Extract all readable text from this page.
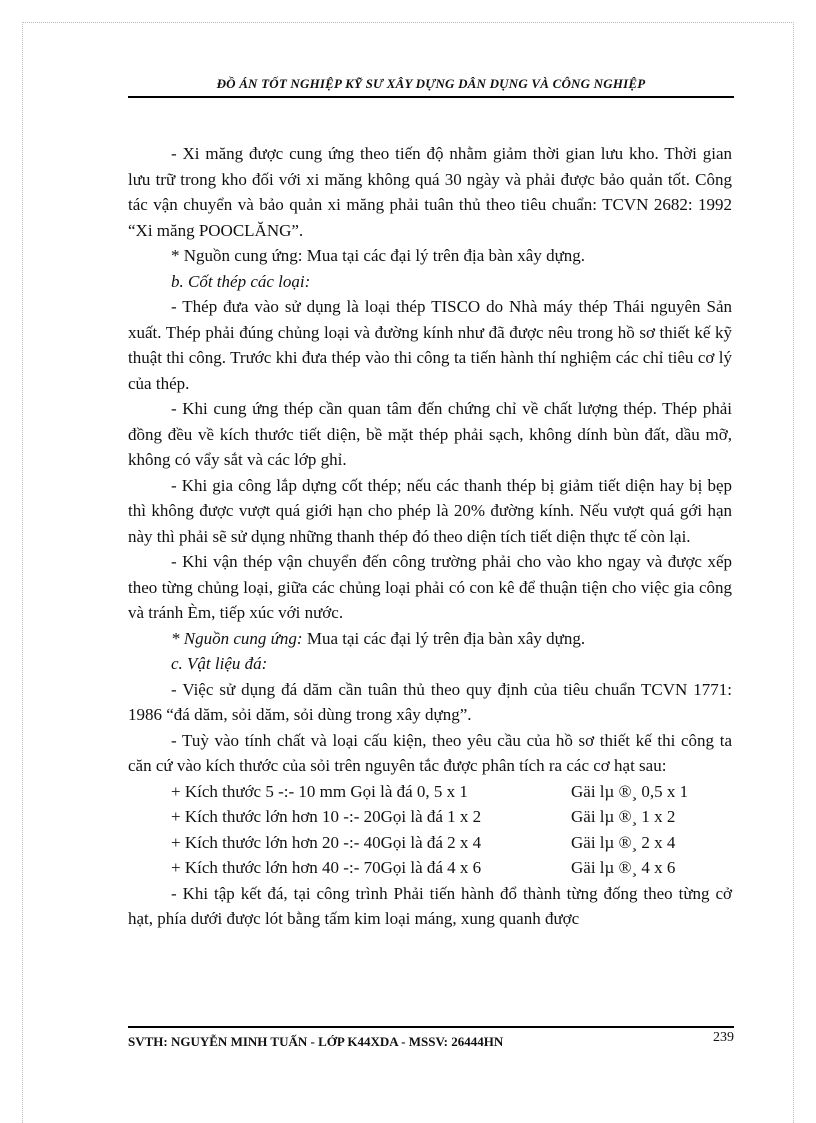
ĐỒ ÁN TỐT NGHIỆP KỸ SƯ XÂY DỰNG DÂN DỤNG VÀ CÔNG NGHIỆP

- Xi măng được cung ứng theo tiến độ nhằm giảm thời gian lưu kho. Thời gian lưu trữ trong kho đối với xi măng không quá 30 ngày và phải được bảo quản tốt. Công tác vận chuyển và bảo quản xi măng phải tuân thủ theo tiêu chuẩn: TCVN 2682: 1992 “Xi măng POOCLĂNG”.

* Nguồn cung ứng: Mua tại các đại lý trên địa bàn xây dựng.

b. Cốt thép các loại:

- Thép đưa vào sử dụng là loại thép TISCO do Nhà máy thép Thái nguyên Sản xuất. Thép phải đúng chủng loại và đường kính như đã được nêu trong hồ sơ thiết kế kỹ thuật thi công. Trước khi đưa thép vào thi công ta tiến hành thí nghiệm các chỉ tiêu cơ lý của thép.

- Khi cung ứng thép cần quan tâm đến chứng chỉ về chất lượng thép. Thép phải đồng đều về kích thước tiết diện, bề mặt thép phải sạch, không dính bùn đất, dầu mỡ, không có vẩy sắt và các lớp ghỉ.

- Khi gia công lắp dựng cốt thép; nếu các thanh thép bị giảm tiết diện hay bị bẹp thì không được vượt quá giới hạn cho phép là 20% đường kính. Nếu vượt quá gới hạn này thì phải sẽ sử dụng những thanh thép đó theo diện tích tiết diện thực tế còn lại.

- Khi vận thép vận chuyển đến công trường phải cho vào kho ngay và được xếp theo từng chủng loại, giữa các chủng loại phải có con kê để thuận tiện cho việc gia công và tránh Èm, tiếp xúc với nước.

* Nguồn cung ứng: Mua tại các đại lý trên địa bàn xây dựng.

c. Vật liệu đá:

- Việc sử dụng đá dăm cần tuân thủ theo quy định của tiêu chuẩn TCVN 1771: 1986 “đá dăm, sỏi dăm, sỏi dùng trong xây dựng”.

- Tuỳ vào tính chất và loại cấu kiện, theo yêu cầu của hồ sơ thiết kế thi công ta căn cứ vào kích thước của sỏi trên nguyên tắc được phân tích ra các cơ hạt sau:

+ Kích thước 5 -:- 10 mm Gọi là đá 0, 5 x 1	Gäi lµ ®¸ 0,5 x 1
+ Kích thước lớn hơn 10 -:- 20Gọi là đá 1 x 2	Gäi lµ ®¸ 1 x 2
+ Kích thước lớn hơn 20 -:- 40Gọi là đá 2 x 4	Gäi lµ ®¸ 2 x 4
+ Kích thước lớn hơn 40 -:- 70Gọi là đá 4 x 6	Gäi lµ ®¸ 4 x 6

- Khi tập kết đá, tại công trình Phải tiến hành đổ thành từng đống theo từng cở hạt, phía dưới được lót bằng tấm kim loại máng, xung quanh được

SVTH: NGUYỄN MINH TUẤN - LỚP K44XDA - MSSV: 26444HN	239
